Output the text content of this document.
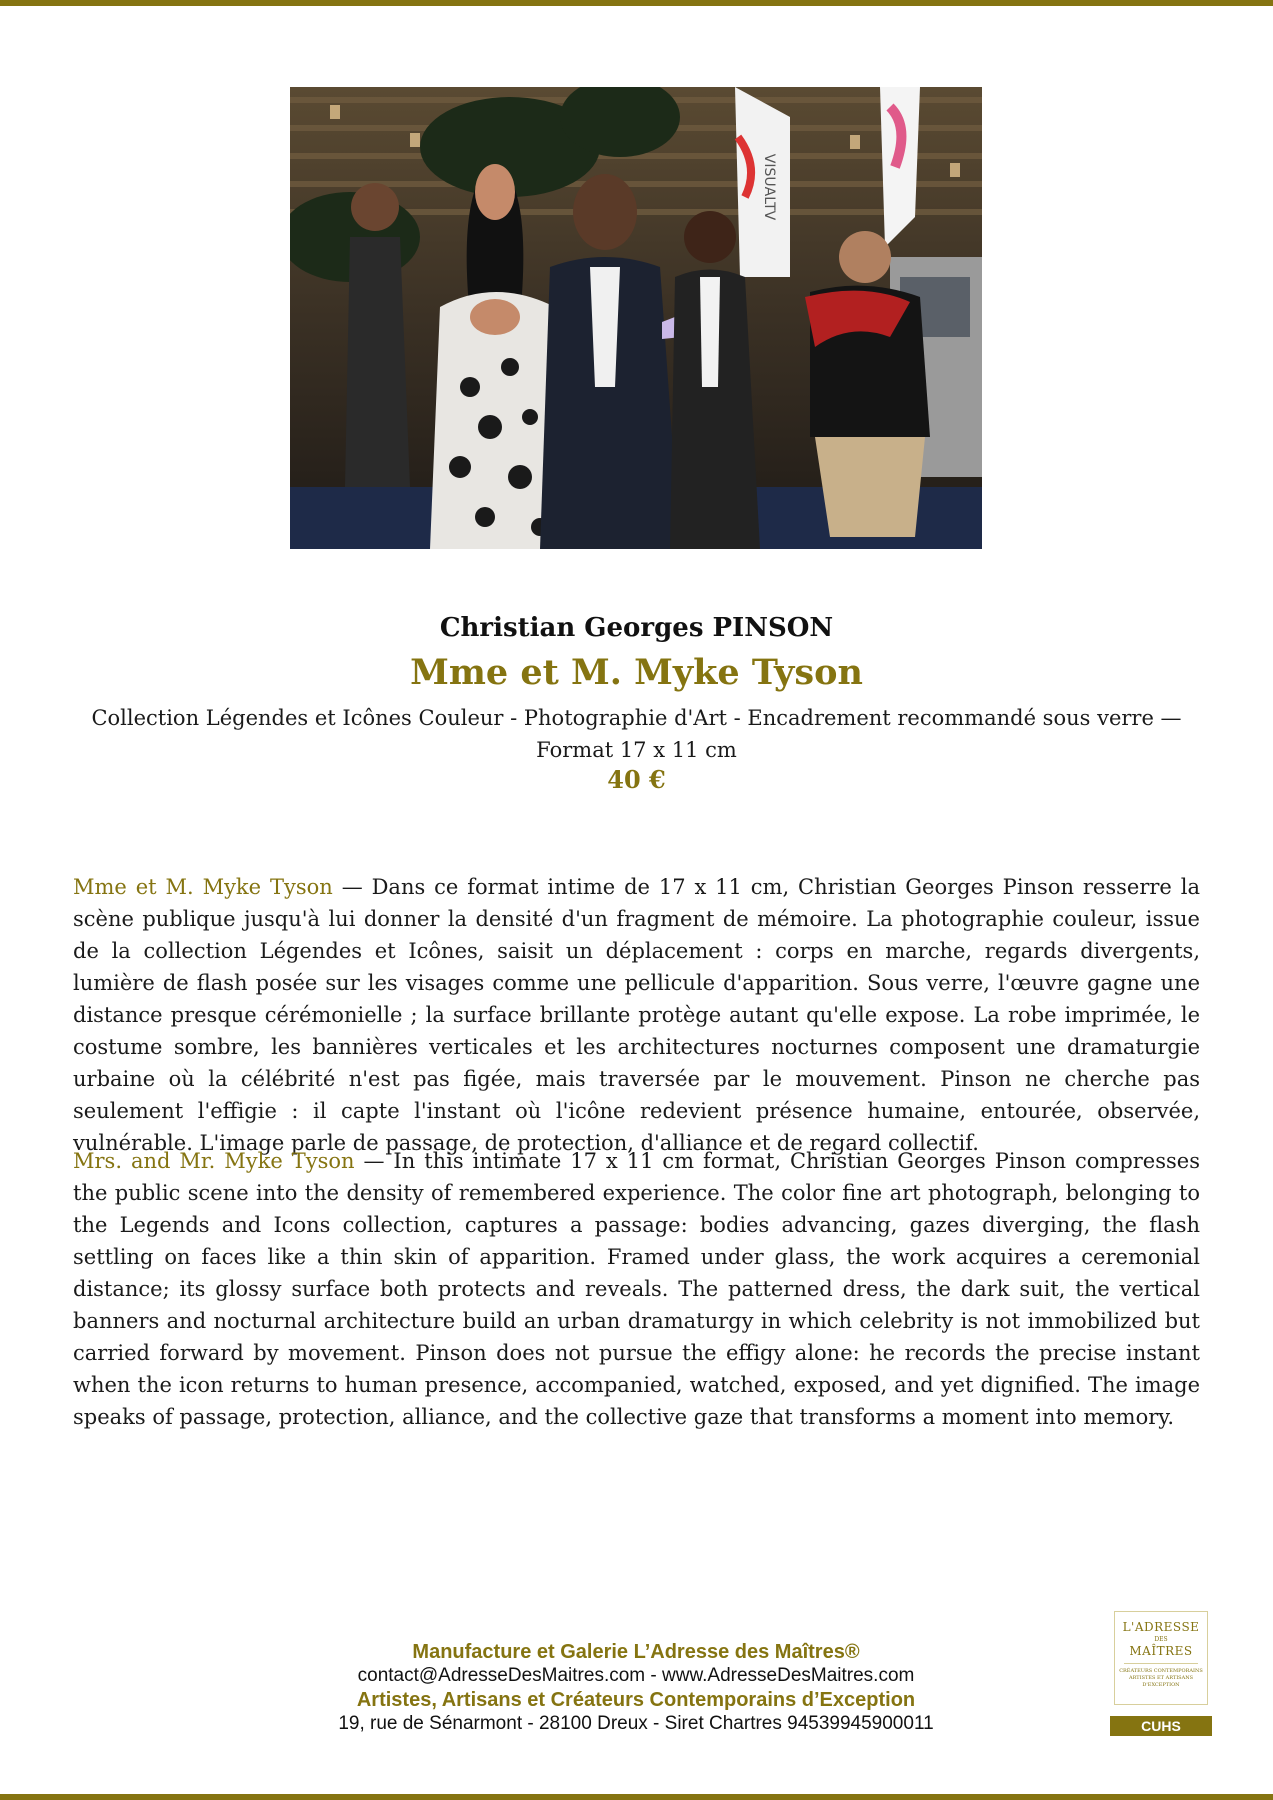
VISUALTV
Christian Georges PINSON
Mme et M. Myke Tyson
Collection Légendes et Icônes Couleur - Photographie d'Art - Encadrement recommandé sous verre — Format 17 x 11 cm
40 €
Mme et M. Myke Tyson — Dans ce format intime de 17 x 11 cm, Christian Georges Pinson resserre la scène publique jusqu'à lui donner la densité d'un fragment de mémoire. La photographie couleur, issue de la collection Légendes et Icônes, saisit un déplacement : corps en marche, regards divergents, lumière de flash posée sur les visages comme une pellicule d'apparition. Sous verre, l'œuvre gagne une distance presque cérémonielle ; la surface brillante protège autant qu'elle expose. La robe imprimée, le costume sombre, les bannières verticales et les architectures nocturnes composent une dramaturgie urbaine où la célébrité n'est pas figée, mais traversée par le mouvement. Pinson ne cherche pas seulement l'effigie : il capte l'instant où l'icône redevient présence humaine, entourée, observée, vulnérable. L'image parle de passage, de protection, d'alliance et de regard collectif.
Mrs. and Mr. Myke Tyson — In this intimate 17 x 11 cm format, Christian Georges Pinson compresses the public scene into the density of remembered experience. The color fine art photograph, belonging to the Legends and Icons collection, captures a passage: bodies advancing, gazes diverging, the flash settling on faces like a thin skin of apparition. Framed under glass, the work acquires a ceremonial distance; its glossy surface both protects and reveals. The patterned dress, the dark suit, the vertical banners and nocturnal architecture build an urban dramaturgy in which celebrity is not immobilized but carried forward by movement. Pinson does not pursue the effigy alone: he records the precise instant when the icon returns to human presence, accompanied, watched, exposed, and yet dignified. The image speaks of passage, protection, alliance, and the collective gaze that transforms a moment into memory.
Manufacture et Galerie L’Adresse des Maîtres®
contact@AdresseDesMaitres.com - www.AdresseDesMaitres.com
Artistes, Artisans et Créateurs Contemporains d’Exception
19, rue de Sénarmont - 28100 Dreux - Siret Chartres 94539945900011
L'ADRESSE
DES
MAÎTRES
CRÉATEURS CONTEMPORAINS ARTISTES ET ARTISANS D'EXCEPTION
CUHS
